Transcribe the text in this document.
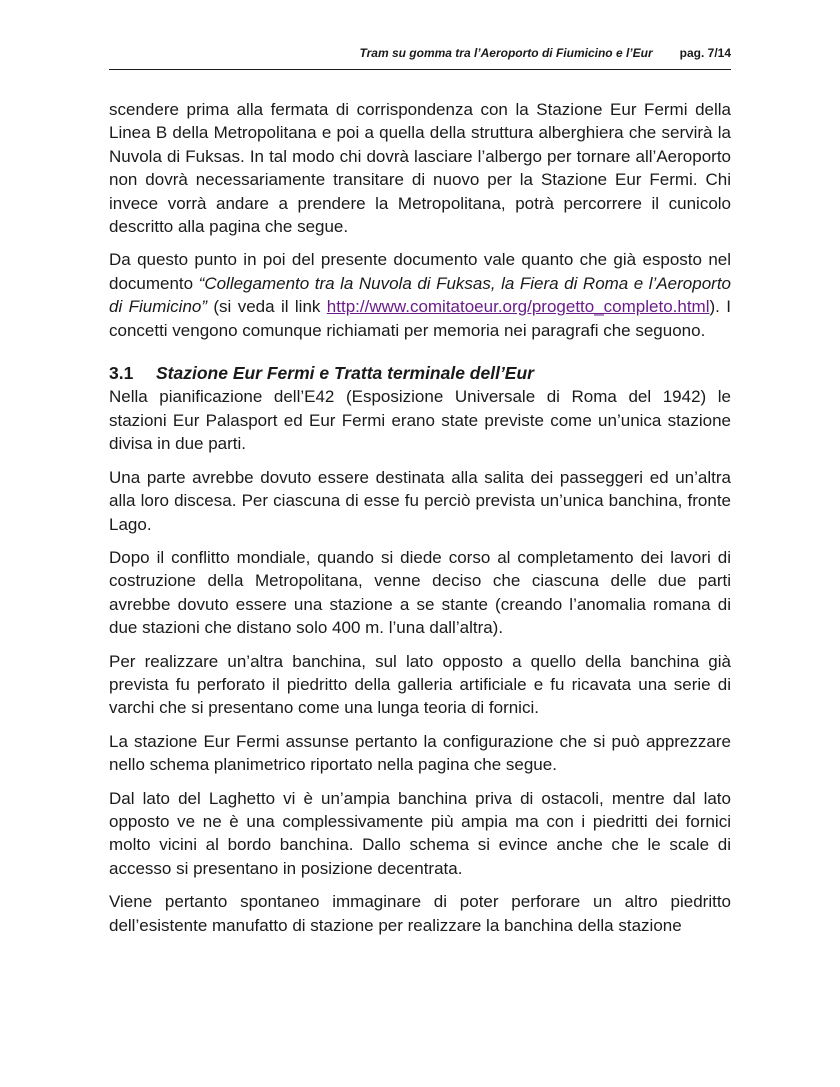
Tram su gomma tra l’Aeroporto di Fiumicino e l’Eur pag. 7/14

scendere prima alla fermata di corrispondenza con la Stazione Eur Fermi della Linea B della Metropolitana e poi a quella della struttura alberghiera che servirà la Nuvola di Fuksas. In tal modo chi dovrà lasciare l’albergo per tornare all’Aeroporto non dovrà necessariamente transitare di nuovo per la Stazione Eur Fermi. Chi invece vorrà andare a prendere la Metropolitana, potrà percorrere il cunicolo descritto alla pagina che segue.

Da questo punto in poi del presente documento vale quanto che già esposto nel documento “Collegamento tra la Nuvola di Fuksas, la Fiera di Roma e l’Aeroporto di Fiumicino” (si veda il link http://www.comitatoeur.org/progetto_completo.html). I concetti vengono comunque richiamati per memoria nei paragrafi che seguono.

3.1	Stazione Eur Fermi e Tratta terminale dell’Eur

Nella pianificazione dell’E42 (Esposizione Universale di Roma del 1942) le stazioni Eur Palasport ed Eur Fermi erano state previste come un’unica stazione divisa in due parti.

Una parte avrebbe dovuto essere destinata alla salita dei passeggeri ed un’altra alla loro discesa. Per ciascuna di esse fu perciò prevista un’unica banchina, fronte Lago.

Dopo il conflitto mondiale, quando si diede corso al completamento dei lavori di costruzione della Metropolitana, venne deciso che ciascuna delle due parti avrebbe dovuto essere una stazione a se stante (creando l’anomalia romana di due stazioni che distano solo 400 m. l’una dall’altra).

Per realizzare un’altra banchina, sul lato opposto a quello della banchina già prevista fu perforato il piedritto della galleria artificiale e fu ricavata una serie di varchi che si presentano come una lunga teoria di fornici.

La stazione Eur Fermi assunse pertanto la configurazione che si può apprezzare nello schema planimetrico riportato nella pagina che segue.

Dal lato del Laghetto vi è un’ampia banchina priva di ostacoli, mentre dal lato opposto ve ne è una complessivamente più ampia ma con i piedritti dei fornici molto vicini al bordo banchina. Dallo schema si evince anche che le scale di accesso si presentano in posizione decentrata.

Viene pertanto spontaneo immaginare di poter perforare un altro piedritto dell’esistente manufatto di stazione per realizzare la banchina della stazione
